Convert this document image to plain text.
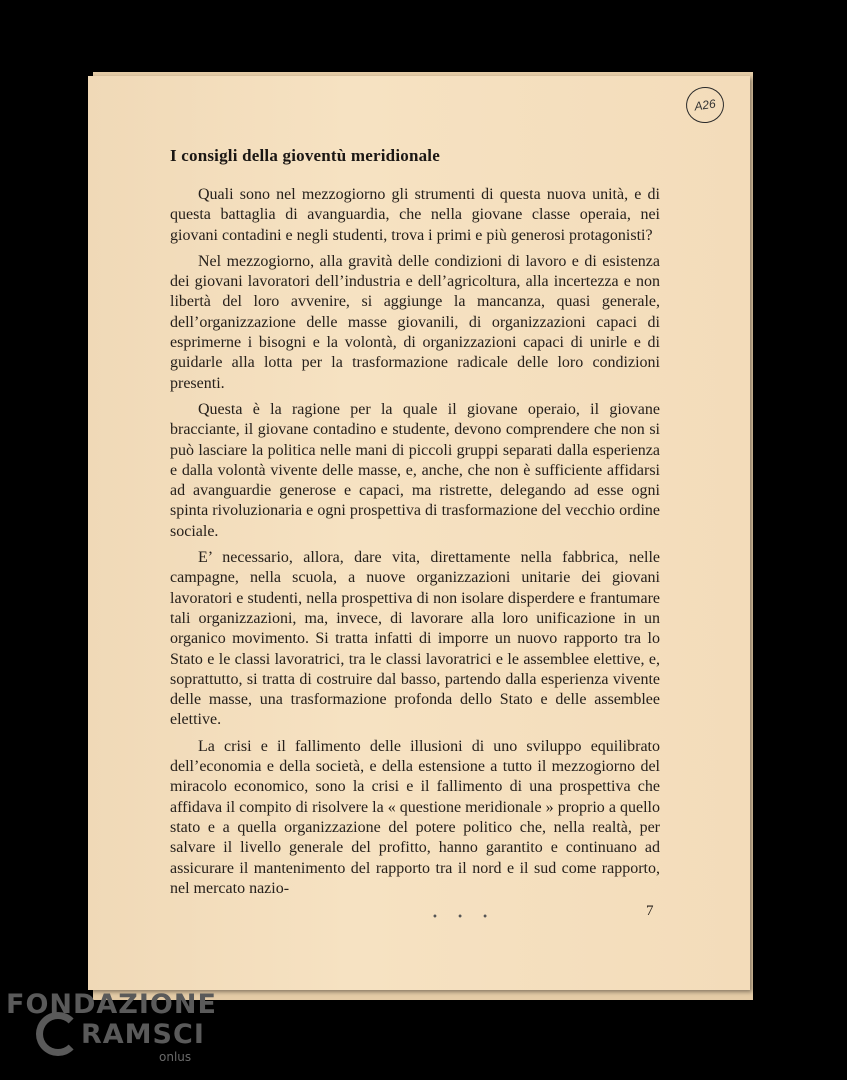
A26
I consigli della gioventù meridionale

Quali sono nel mezzogiorno gli strumenti di questa nuova unità, e di questa battaglia di avanguardia, che nella giovane classe operaia, nei giovani contadini e negli studenti, trova i primi e più generosi protagonisti?

Nel mezzogiorno, alla gravità delle condizioni di lavoro e di esistenza dei giovani lavoratori dell’industria e dell’agricoltura, alla incertezza e non libertà del loro avvenire, si aggiunge la mancanza, quasi generale, dell’organizzazione delle masse giovanili, di organizzazioni capaci di esprimerne i bisogni e la volontà, di organizzazioni capaci di unirle e di guidarle alla lotta per la trasformazione radicale delle loro condizioni presenti.

Questa è la ragione per la quale il giovane operaio, il giovane bracciante, il giovane contadino e studente, devono comprendere che non si può lasciare la politica nelle mani di piccoli gruppi separati dalla esperienza e dalla volontà vivente delle masse, e, anche, che non è sufficiente affidarsi ad avanguardie generose e capaci, ma ristrette, delegando ad esse ogni spinta rivoluzionaria e ogni prospettiva di trasformazione del vecchio ordine sociale.

E’ necessario, allora, dare vita, direttamente nella fabbrica, nelle campagne, nella scuola, a nuove organizzazioni unitarie dei giovani lavoratori e studenti, nella prospettiva di non isolare disperdere e frantumare tali organizzazioni, ma, invece, di lavorare alla loro unificazione in un organico movimento. Si tratta infatti di imporre un nuovo rapporto tra lo Stato e le classi lavoratrici, tra le classi lavoratrici e le assemblee elettive, e, soprattutto, si tratta di costruire dal basso, partendo dalla esperienza vivente delle masse, una trasformazione profonda dello Stato e delle assemblee elettive.

La crisi e il fallimento delle illusioni di uno sviluppo equilibrato dell’economia e della società, e della estensione a tutto il mezzogiorno del miracolo economico, sono la crisi e il fallimento di una prospettiva che affidava il compito di risolvere la « questione meridionale » proprio a quello stato e a quella organizzazione del potere politico che, nella realtà, per salvare il livello generale del profitto, hanno garantito e continuano ad assicurare il mantenimento del rapporto tra il nord e il sud come rapporto, nel mercato nazio-

• • •	7
FONDAZIONE
RAMSCI
onlus
